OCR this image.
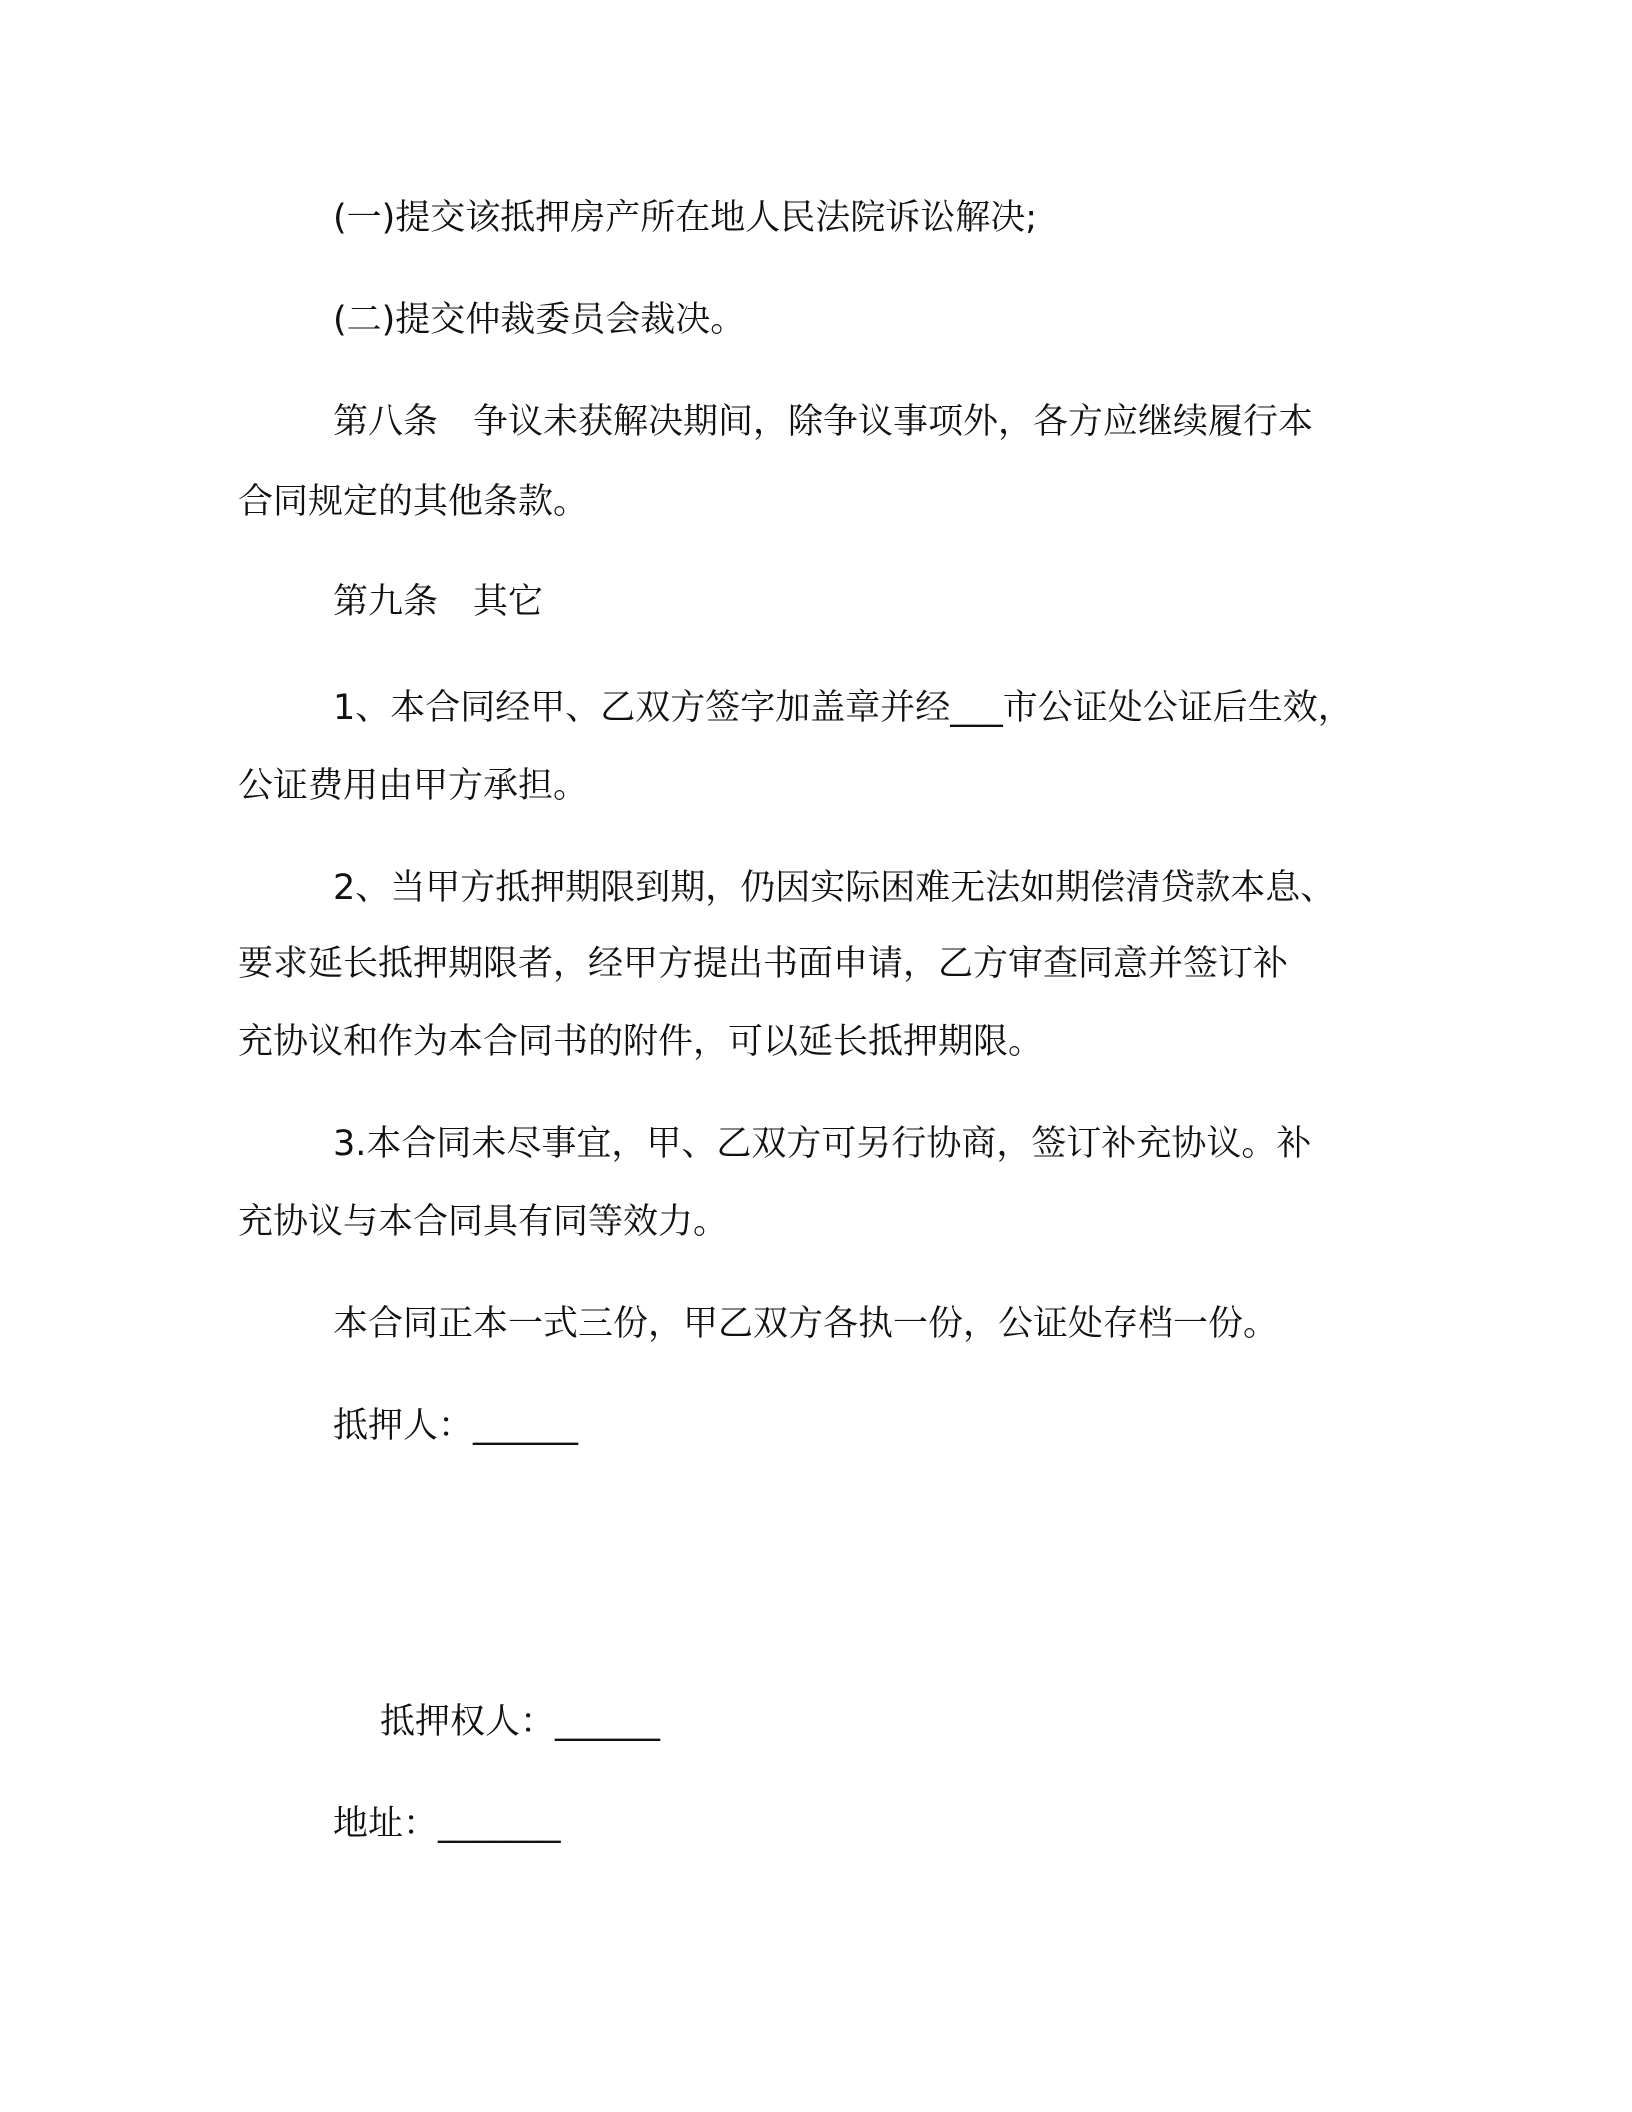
(一)提交该抵押房产所在地人民法院诉讼解决;
(二)提交仲裁委员会裁决。
第八条　争议未获解决期间，除争议事项外，各方应继续履行本
合同规定的其他条款。
第九条　其它
1、本合同经甲、乙双方签字加盖章并经___市公证处公证后生效，
公证费用由甲方承担。
2、当甲方抵押期限到期，仍因实际困难无法如期偿清贷款本息、
要求延长抵押期限者，经甲方提出书面申请，乙方审查同意并签订补
充协议和作为本合同书的附件，可以延长抵押期限。
3.本合同未尽事宜，甲、乙双方可另行协商，签订补充协议。补
充协议与本合同具有同等效力。
本合同正本一式三份，甲乙双方各执一份，公证处存档一份。
抵押人：______
抵押权人：______
地址：_______
